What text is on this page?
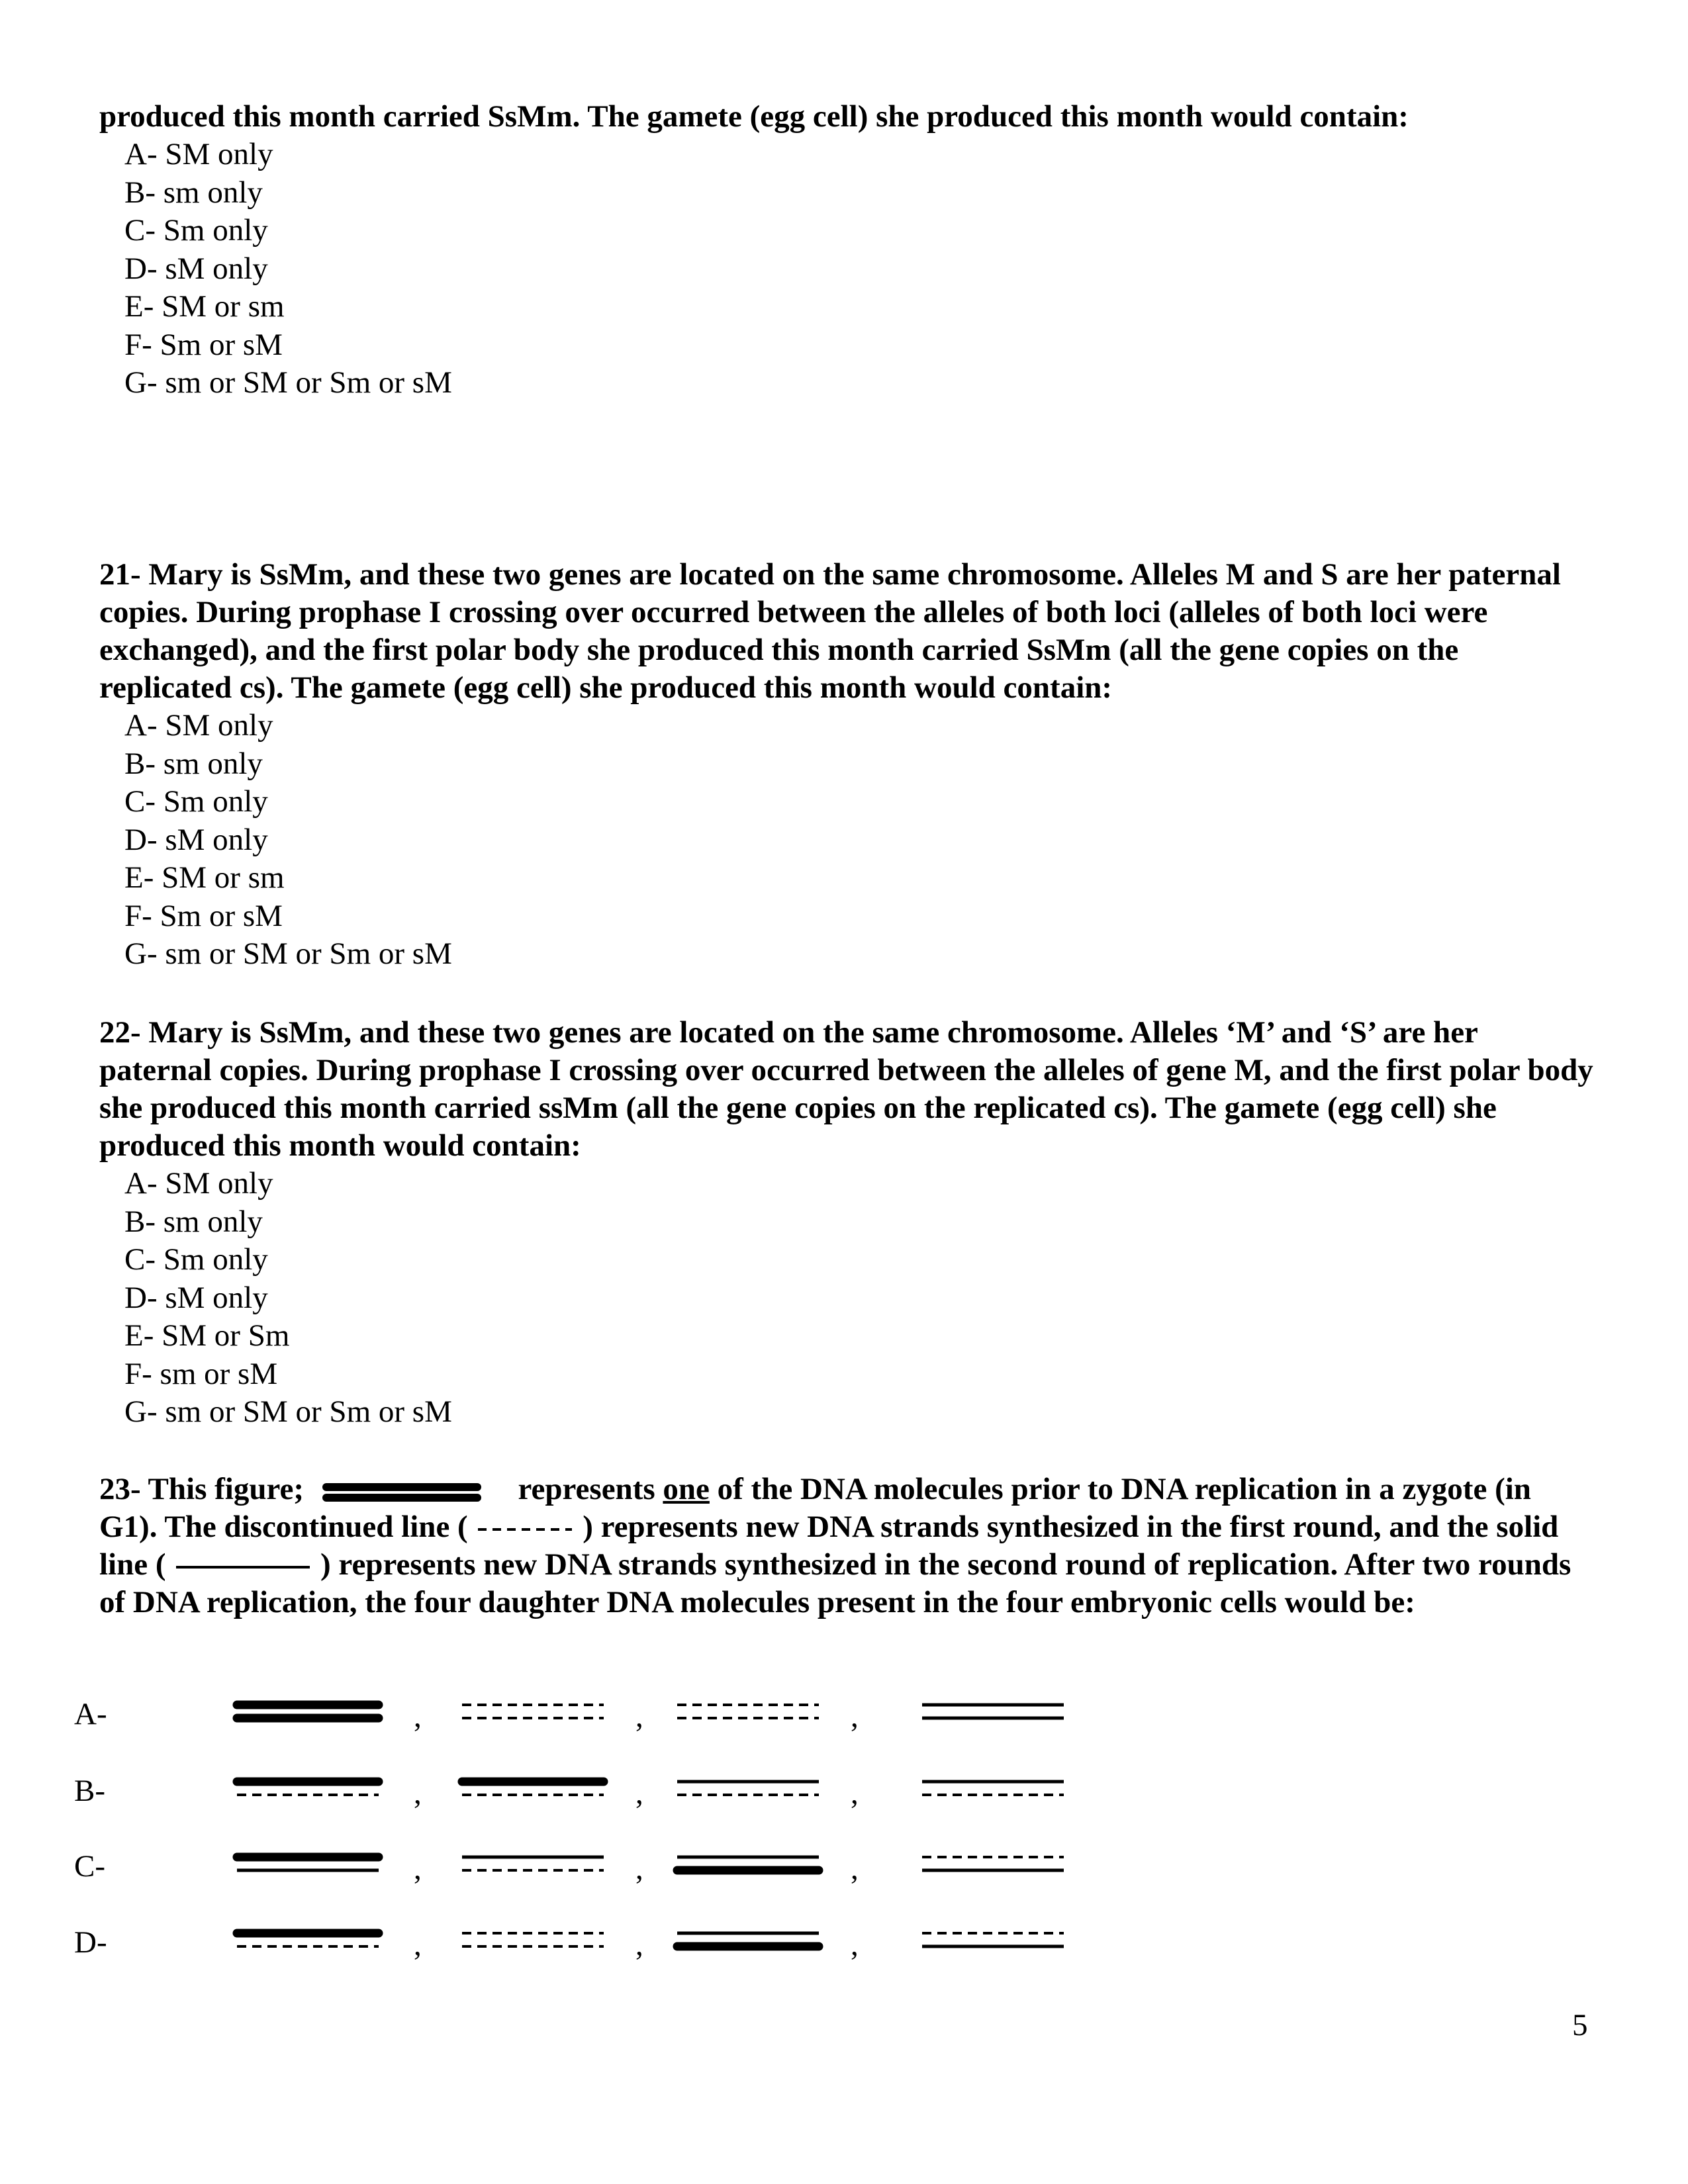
produced this month carried SsMm. The gamete (egg cell) she produced this month would contain:

A- SM only
B- sm only
C- Sm only
D- sM only
E- SM or sm
F- Sm or sM
G- sm or SM or Sm or sM

21- Mary is SsMm, and these two genes are located on the same chromosome. Alleles M and S are her paternal copies. During prophase I crossing over occurred between the alleles of both loci (alleles of both loci were exchanged), and the first polar body she produced this month carried SsMm (all the gene copies on the replicated cs). The gamete (egg cell) she produced this month would contain:

A- SM only
B- sm only
C- Sm only
D- sM only
E- SM or sm
F- Sm or sM
G- sm or SM or Sm or sM

22- Mary is SsMm, and these two genes are located on the same chromosome. Alleles ‘M’ and ‘S’ are her paternal copies. During prophase I crossing over occurred between the alleles of gene M, and the first polar body she produced this month carried ssMm (all the gene copies on the replicated cs). The gamete (egg cell) she produced this month would contain:

A- SM only
B- sm only
C- Sm only
D- sM only
E- SM or Sm
F- sm or sM
G- sm or SM or Sm or sM

23- This figure;	represents one of the DNA molecules prior to DNA replication in a zygote (in G1). The discontinued line (	) represents new DNA strands synthesized in the first round, and the solid line (	) represents new DNA strands synthesized in the second round of replication. After two rounds of DNA replication, the four daughter DNA molecules present in the four embryonic cells would be:

A-	,	,	,
B-	,	,	,
C-	,	,	,
D-	,	,	,
5
